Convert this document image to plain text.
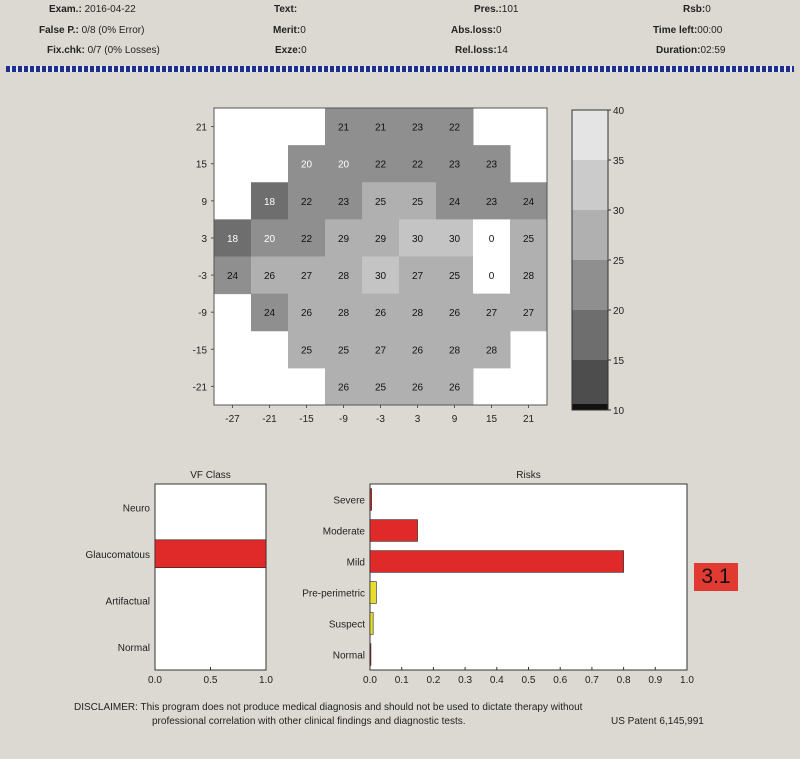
Exam.: 2016-04-22
False P.: 0/8 (0% Error)
Fix.chk: 0/7 (0% Losses)
Text:
Merit:0
Exze:0
Pres.:101
Abs.loss:0
Rel.loss:14
Rsb:0
Time left:00:00
Duration:02:59
21	21	23	22
20	20	22	22	23	23
18	22	23	25	25	24	23	24
18	20	22	29	29	30	30	0	25
24	26	27	28	30	27	25	0	28
24	26	28	26	28	26	27	27
25	25	27	26	28	28
26	25	26	26
-27 -21 -15	-9	-3	3	9	15	21
21
15
9
3
-3
-9
-15
-21
40
35
30
25
20
15
10
VF Class
Neuro
Glaucomatous
Artifactual
Normal
0.0	0.5	1.0
Risks
Severe
Moderate
Mild
Pre-perimetric
Suspect
Normal
0.0 0.1 0.2 0.3 0.4 0.5 0.6 0.7 0.8 0.9 1.0
3.1
DISCLAIMER: This program does not produce medical diagnosis and should not be used to dictate therapy without
professional correlation with other clinical findings and diagnostic tests.	US Patent 6,145,991
